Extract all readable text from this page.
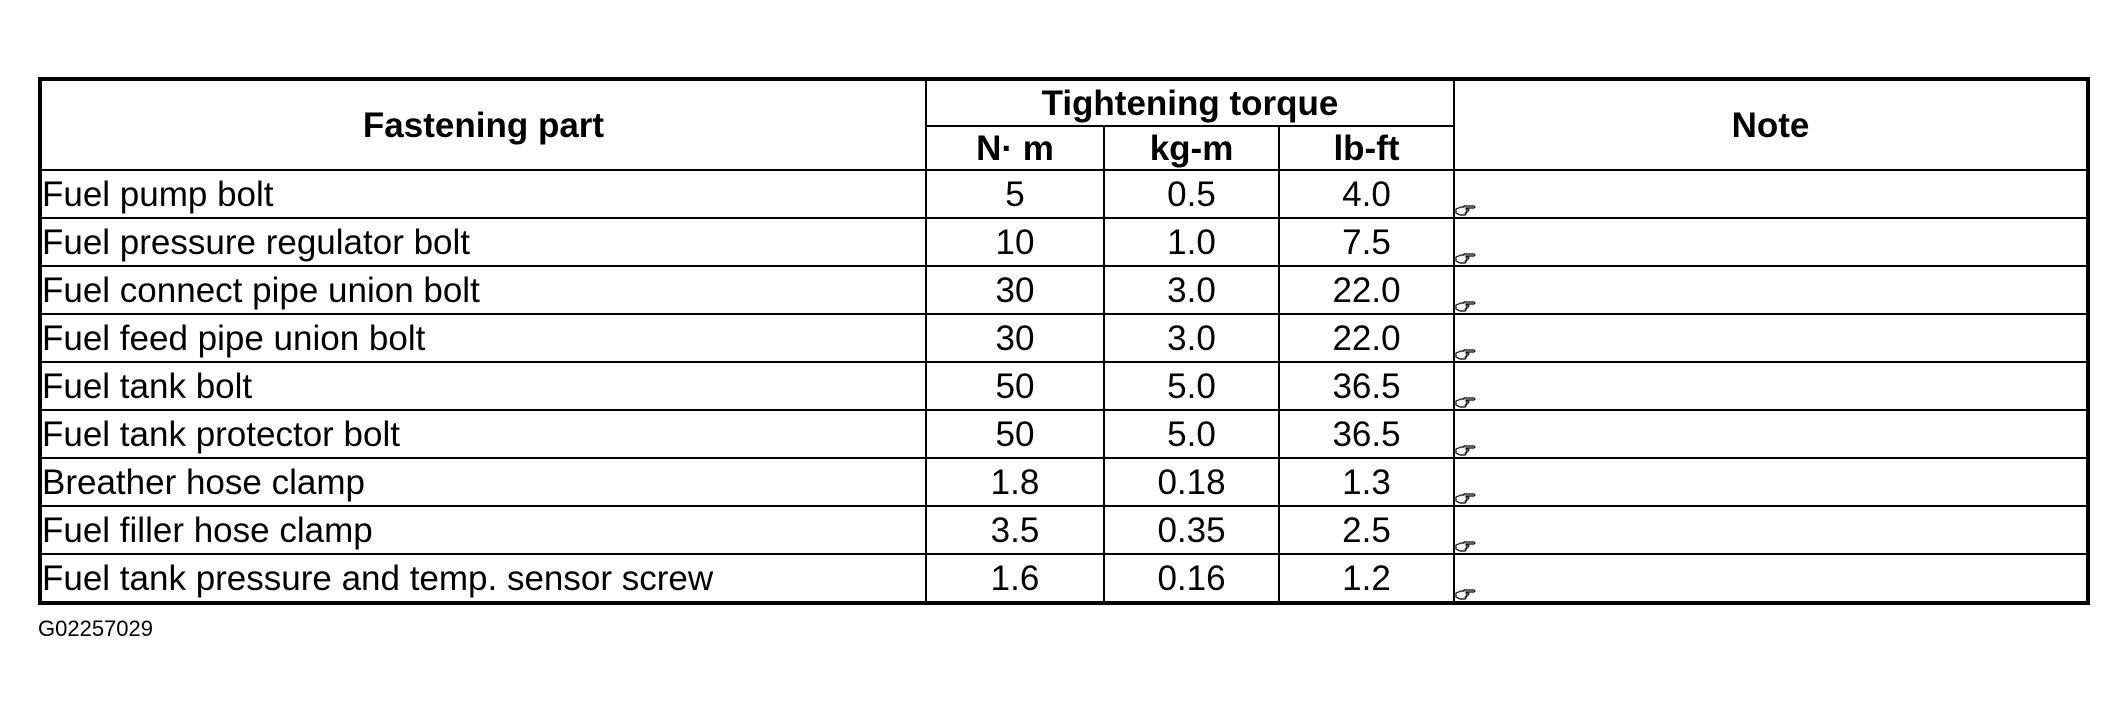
Fastening part	Tightening torque			Note
	N· m	kg-m	lb-ft	
Fuel pump bolt	5	0.5	4.0	
Fuel pressure regulator bolt	10	1.0	7.5	
Fuel connect pipe union bolt	30	3.0	22.0	
Fuel feed pipe union bolt	30	3.0	22.0	
Fuel tank bolt	50	5.0	36.5	
Fuel tank protector bolt	50	5.0	36.5	
Breather hose clamp	1.8	0.18	1.3	
Fuel filler hose clamp	3.5	0.35	2.5	
Fuel tank pressure and temp. sensor screw	1.6	0.16	1.2	
G02257029
